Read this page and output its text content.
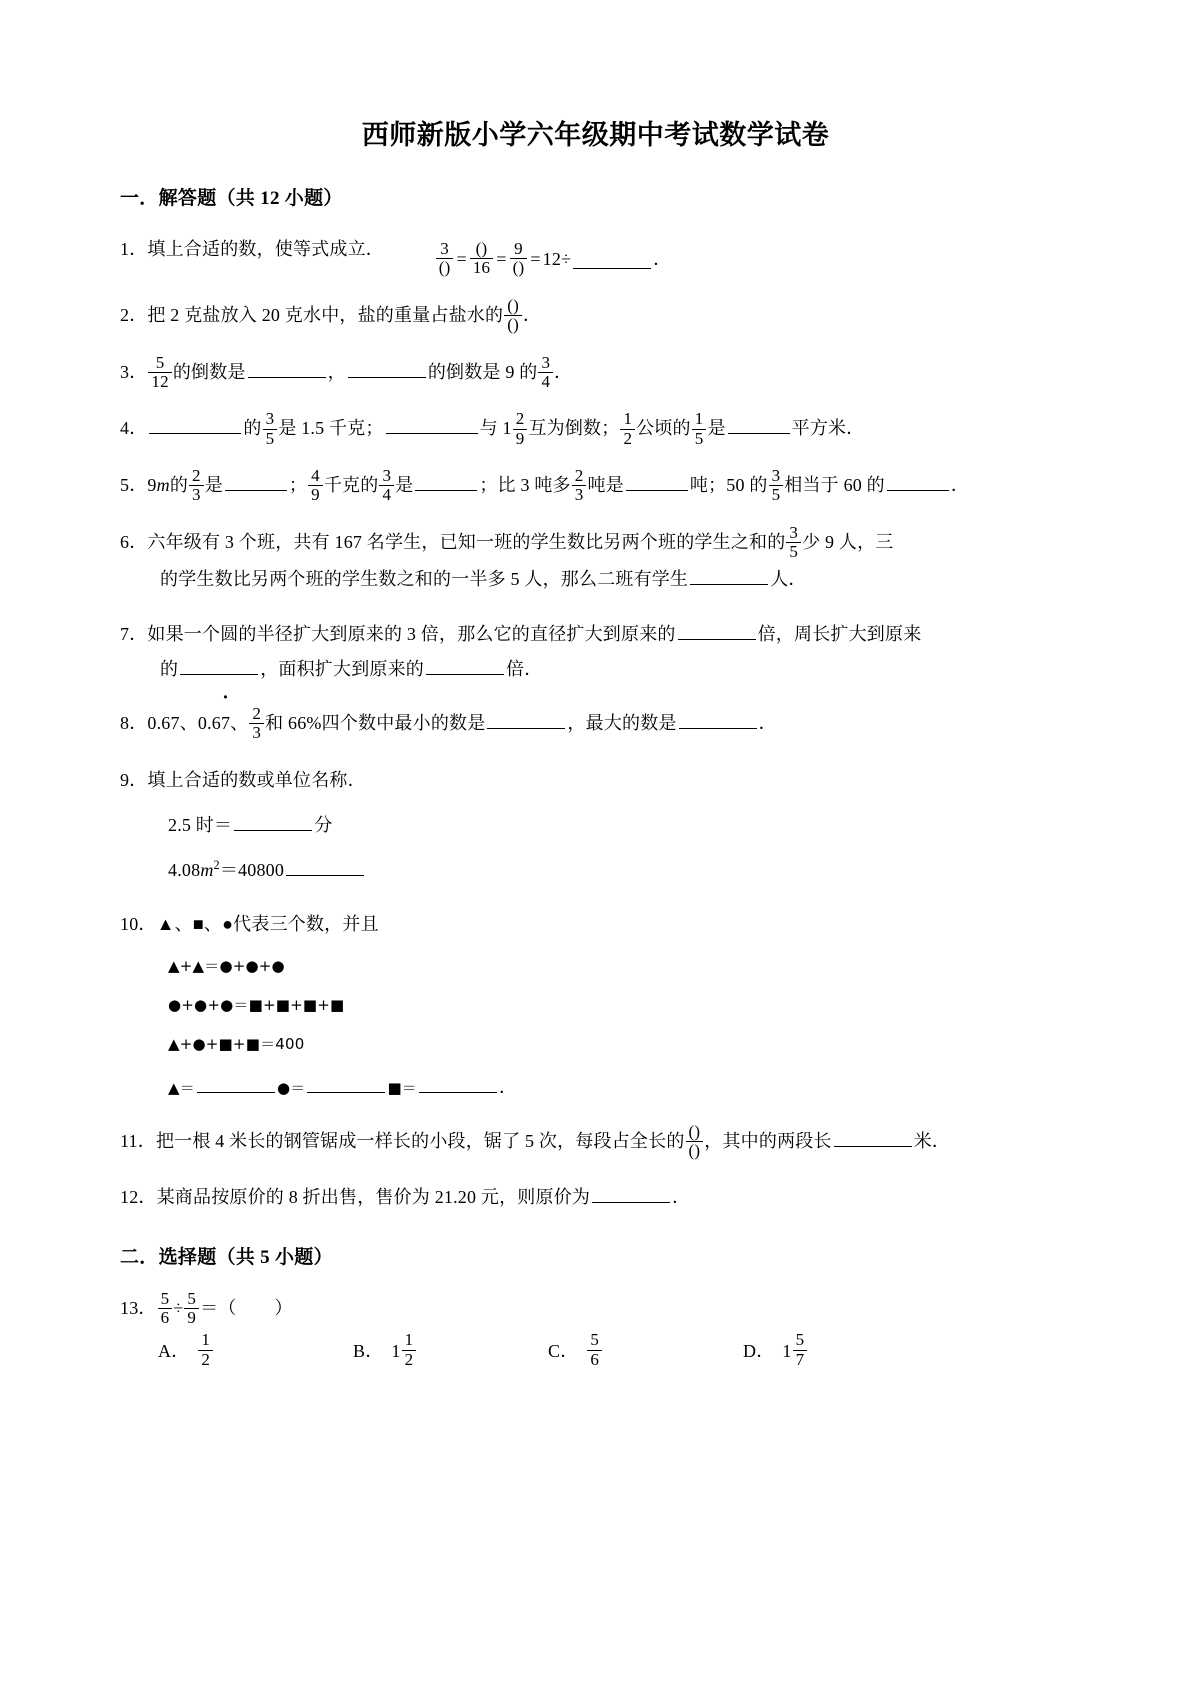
西师新版小学六年级期中考试数学试卷
一．解答题（共 12 小题）
1．填上合适的数，使等式成立．	$\frac{3}{()} = \frac{()}{16} = \frac{9}{()} = 12\div$	．
2．把 2 克盐放入 20 克水中，盐的重量占盐水的 $\frac{()}{()}$ ．
3． $\frac{5}{12}$ 的倒数是	，	的倒数是 9 的 $\frac{3}{4}$ ．
4．	的 $\frac{3}{5}$ 是 1.5 千克；	与 $1 \frac{2}{9}$ 互为倒数； $\frac{1}{2}$ 公顷的 $\frac{1}{5}$ 是	平方米．
5．9m的 $\frac{2}{3}$ 是	； $\frac{4}{9}$ 千克的 $\frac{3}{4}$ 是	；比 3 吨多 $\frac{2}{3}$ 吨是	吨；50 的 $\frac{3}{5}$ 相当于 60 的	．
6．六年级有 3 个班，共有 167 名学生，已知一班的学生数比另两个班的学生之和的 $\frac{3}{5}$ 少 9 人，三
的学生数比另两个班的学生数之和的一半多 5 人，那么二班有学生	人．
7．如果一个圆的半径扩大到原来的 3 倍，那么它的直径扩大到原来的	倍，周长扩大到原来
的	，面积扩大到原来的	倍．
8．0.67、0.6· 7、 $\frac{2}{3}$ 和 66%四个数中最小的数是	，最大的数是	．
9．填上合适的数或单位名称．
2.5 时＝	分
$4.08m^2=40800$
10．▲、■、●代表三个数，并且
▲+▲＝●+●+●
●+●+●＝■+■+■+■
▲+●+■+■＝400
▲＝	●＝	■＝	．
11．把一根 4 米长的钢管锯成一样长的小段，锯了 5 次，每段占全长的 $\frac{()}{()}$ ，其中的两段长	米．
12．某商品按原价的 8 折出售，售价为 21.20 元，则原价为	．
二．选择题（共 5 小题）
13． $\frac{5}{6} \div \frac{5}{9}$ ＝（ ）
A． $\frac{1}{2}$	B． $1 \frac{1}{2}$	C． $\frac{5}{6}$	D． $1 \frac{5}{7}$
